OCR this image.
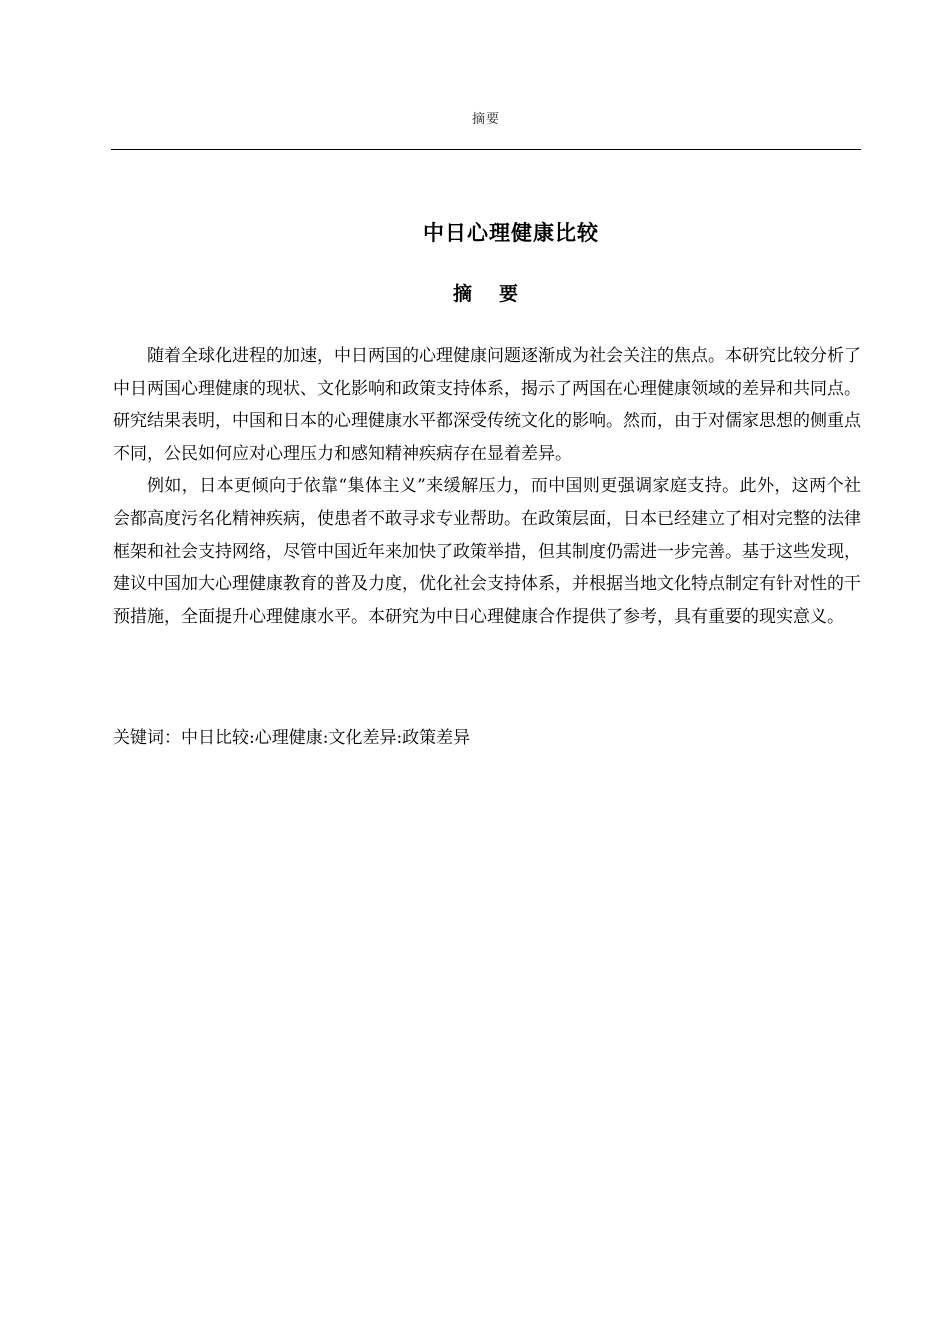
摘要
中日心理健康比较
摘 要

随着全球化进程的加速，中日两国的心理健康问题逐渐成为社会关注的焦点。本研究比较分析了中日两国心理健康的现状、文化影响和政策支持体系，揭示了两国在心理健康领域的差异和共同点。研究结果表明，中国和日本的心理健康水平都深受传统文化的影响。然而，由于对儒家思想的侧重点不同，公民如何应对心理压力和感知精神疾病存在显着差异。

例如，日本更倾向于依靠“集体主义”来缓解压力，而中国则更强调家庭支持。此外，这两个社会都高度污名化精神疾病，使患者不敢寻求专业帮助。在政策层面，日本已经建立了相对完整的法律框架和社会支持网络，尽管中国近年来加快了政策举措，但其制度仍需进一步完善。基于这些发现，建议中国加大心理健康教育的普及力度，优化社会支持体系，并根据当地文化特点制定有针对性的干预措施，全面提升心理健康水平。本研究为中日心理健康合作提供了参考，具有重要的现实意义。

关键词：中日比较:心理健康:文化差异:政策差异
